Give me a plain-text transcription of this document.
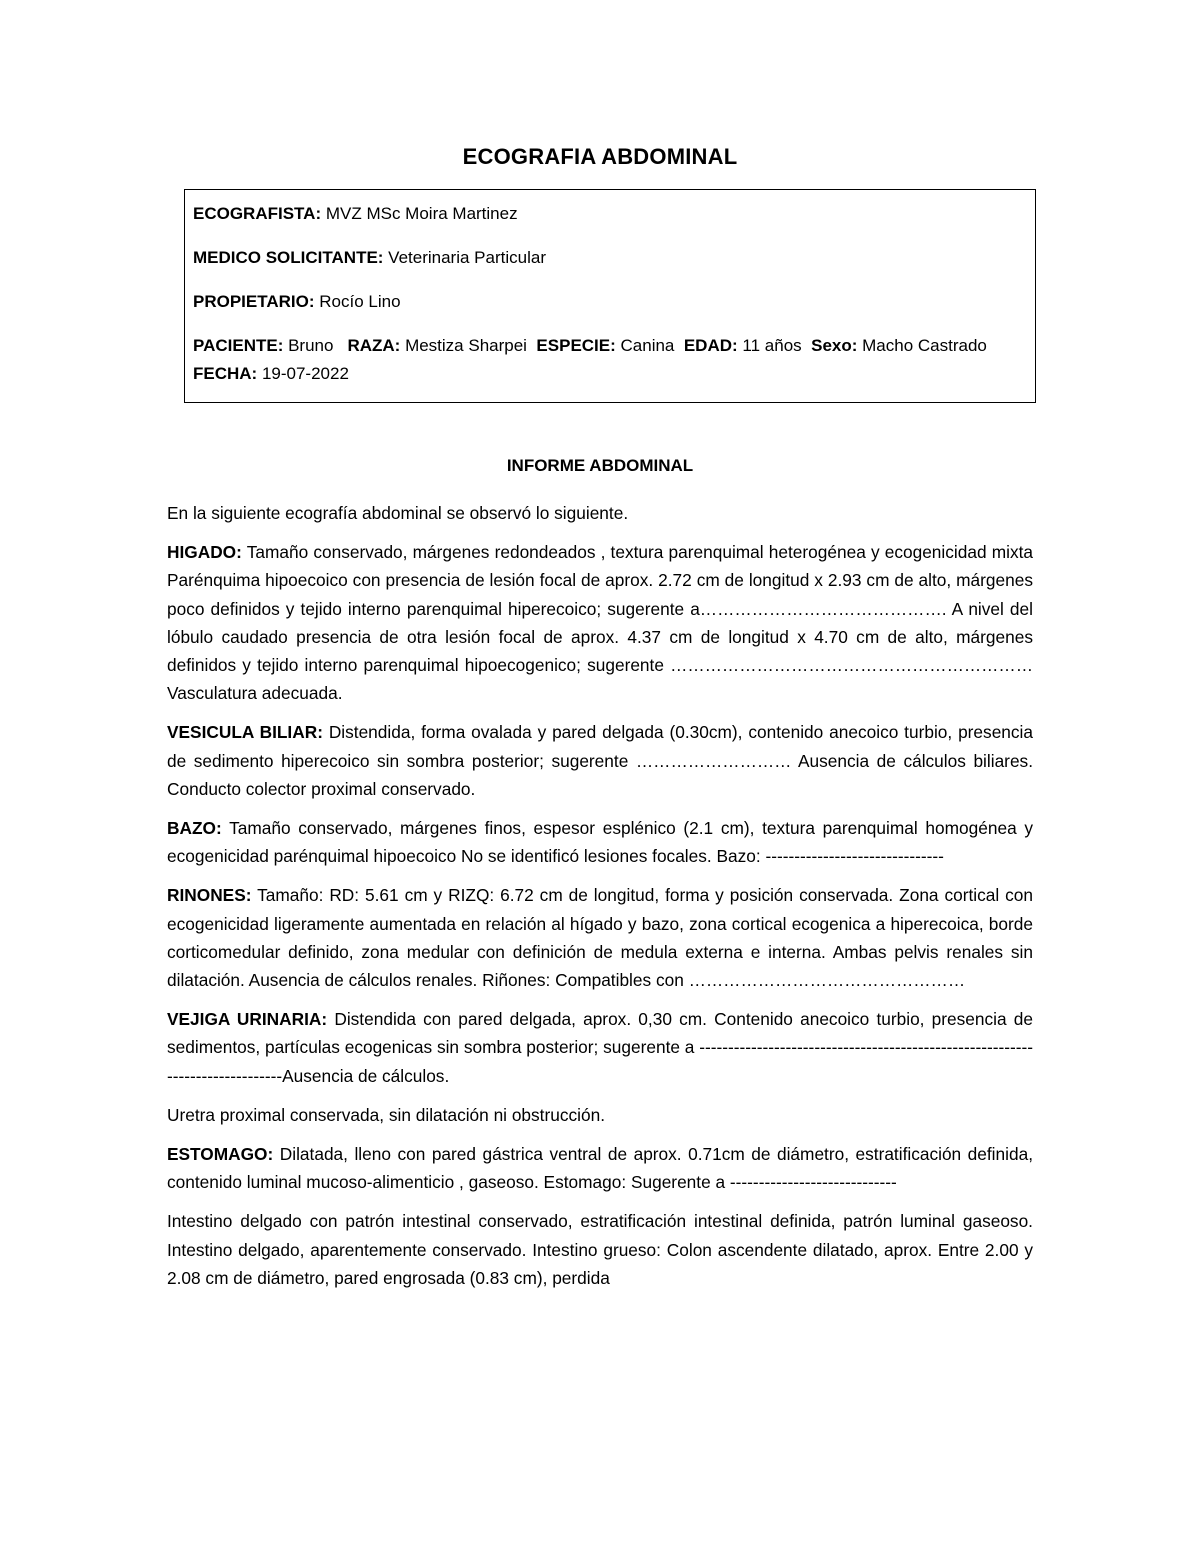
ECOGRAFIA ABDOMINAL
ECOGRAFISTA: MVZ MSc Moira Martinez
MEDICO SOLICITANTE: Veterinaria Particular
PROPIETARIO: Rocío Lino
PACIENTE: Bruno RAZA: Mestiza Sharpei ESPECIE: Canina EDAD: 11 años Sexo: Macho Castrado FECHA: 19-07-2022
INFORME ABDOMINAL

En la siguiente ecografía abdominal se observó lo siguiente.

HIGADO: Tamaño conservado, márgenes redondeados , textura parenquimal heterogénea y ecogenicidad mixta Parénquima hipoecoico con presencia de lesión focal de aprox. 2.72 cm de longitud x 2.93 cm de alto, márgenes poco definidos y tejido interno parenquimal hiperecoico; sugerente a……………………………………. A nivel del lóbulo caudado presencia de otra lesión focal de aprox. 4.37 cm de longitud x 4.70 cm de alto, márgenes definidos y tejido interno parenquimal hipoecogenico; sugerente ………………………………………………………Vasculatura adecuada.

VESICULA BILIAR: Distendida, forma ovalada y pared delgada (0.30cm), contenido anecoico turbio, presencia de sedimento hiperecoico sin sombra posterior; sugerente ……………………… Ausencia de cálculos biliares. Conducto colector proximal conservado.

BAZO: Tamaño conservado, márgenes finos, espesor esplénico (2.1 cm), textura parenquimal homogénea y ecogenicidad parénquimal hipoecoico No se identificó lesiones focales. Bazo: -------------------------------

RINONES: Tamaño: RD: 5.61 cm y RIZQ: 6.72 cm de longitud, forma y posición conservada. Zona cortical con ecogenicidad ligeramente aumentada en relación al hígado y bazo, zona cortical ecogenica a hiperecoica, borde corticomedular definido, zona medular con definición de medula externa e interna. Ambas pelvis renales sin dilatación. Ausencia de cálculos renales. Riñones: Compatibles con …………………………………………

VEJIGA URINARIA: Distendida con pared delgada, aprox. 0,30 cm. Contenido anecoico turbio, presencia de sedimentos, partículas ecogenicas sin sombra posterior; sugerente a ------------------------------------------------------------------------------Ausencia de cálculos.

Uretra proximal conservada, sin dilatación ni obstrucción.

ESTOMAGO: Dilatada, lleno con pared gástrica ventral de aprox. 0.71cm de diámetro, estratificación definida, contenido luminal mucoso-alimenticio , gaseoso. Estomago: Sugerente a -----------------------------

Intestino delgado con patrón intestinal conservado, estratificación intestinal definida, patrón luminal gaseoso. Intestino delgado, aparentemente conservado. Intestino grueso: Colon ascendente dilatado, aprox. Entre 2.00 y 2.08 cm de diámetro, pared engrosada (0.83 cm), perdida
